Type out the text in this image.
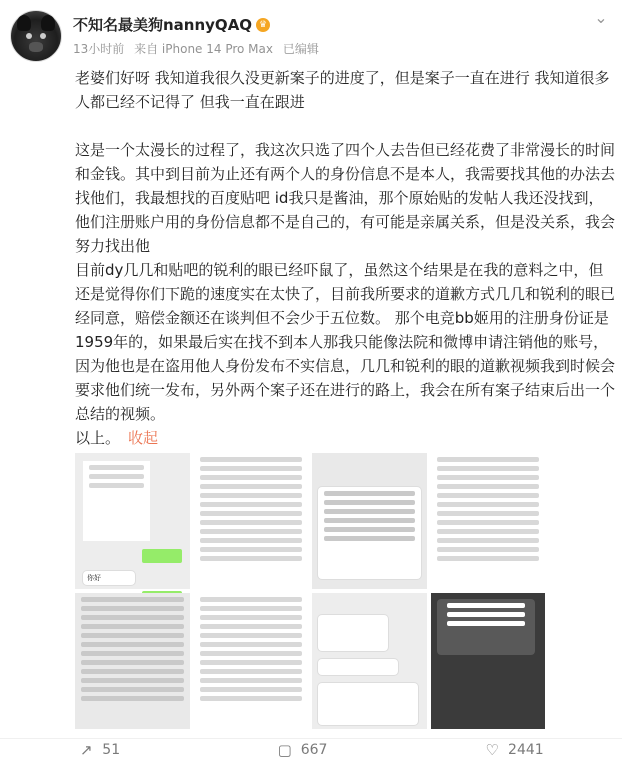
不知名最美狗nannyQAQ ♛
13小时前 来自 iPhone 14 Pro Max 已编辑
⌄

老婆们好呀 我知道我很久没更新案子的进度了，但是案子一直在进行 我知道很多人都已经不记得了 但我一直在跟进

这是一个太漫长的过程了，我这次只选了四个人去告但已经花费了非常漫长的时间和金钱。其中到目前为止还有两个人的身份信息不是本人，我需要找其他的办法去找他们，我最想找的百度贴吧 id我只是酱油，那个原始贴的发帖人我还没找到，他们注册账户用的身份信息都不是自己的，有可能是亲属关系，但是没关系，我会努力找出他

目前dy几几和贴吧的锐利的眼已经吓鼠了，虽然这个结果是在我的意料之中，但还是觉得你们下跪的速度实在太快了，目前我所要求的道歉方式几几和锐利的眼已经同意，赔偿金额还在谈判但不会少于五位数。 那个电竞bb姬用的注册身份证是1959年的，如果最后实在找不到本人那我只能像法院和微博申请注销他的账号，因为他也是在盗用他人身份发布不实信息，几几和锐利的眼的道歉视频我到时候会要求他们统一发布，另外两个案子还在进行的路上，我会在所有案子结束后出一个总结的视频。

以上。 收起

你好
↗ 51	▢ 667	♡ 2441
